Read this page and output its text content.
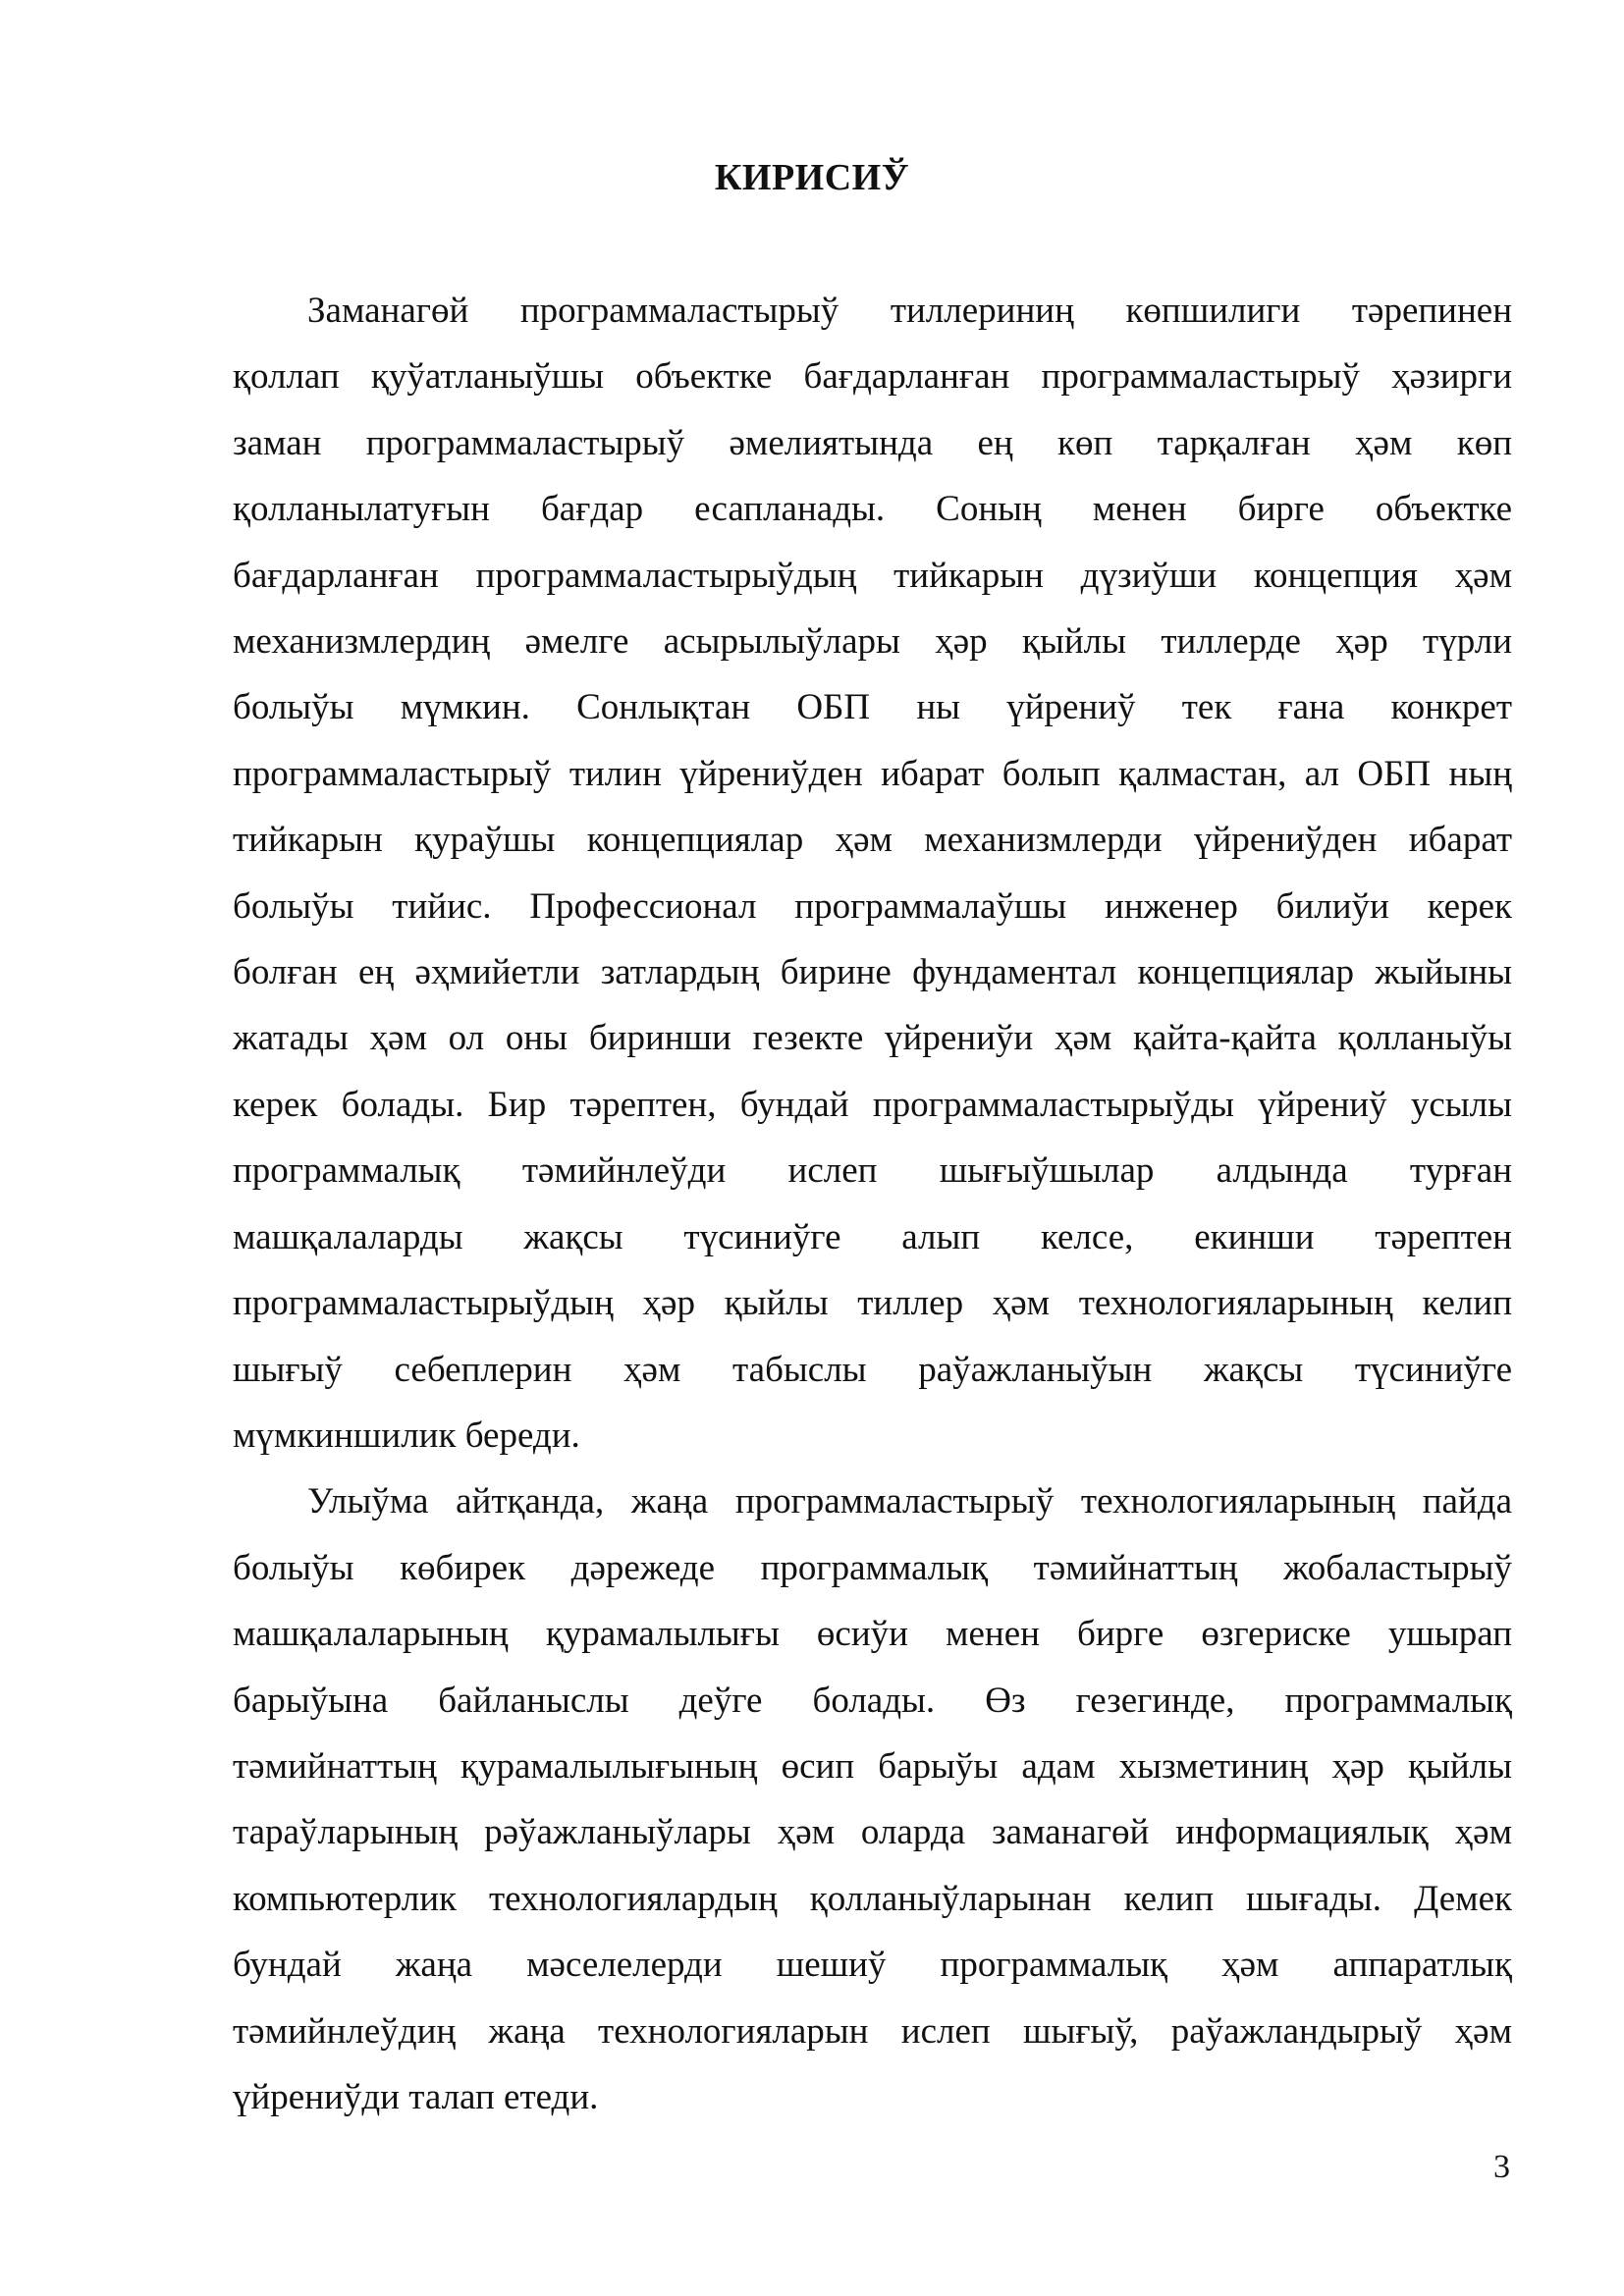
КИРИСИЎ
Заманагөй программаластырыў тиллериниң көпшилиги тәрепинен
қоллап қуўатланыўшы объектке бағдарланған программаластырыў ҳәзирги
заман программаластырыў әмелиятында ең көп тарқалған ҳәм көп
қолланылатуғын бағдар есапланады. Соның менен бирге объектке
бағдарланған программаластырыўдың тийкарын дүзиўши концепция ҳәм
механизмлердиң әмелге асырылыўлары ҳәр қыйлы тиллерде ҳәр түрли
болыўы мүмкин. Сонлықтан ОБП ны үйрениў тек ғана конкрет
программаластырыў тилин үйрениўден ибарат болып қалмастан, ал ОБП ның
тийкарын қураўшы концепциялар ҳәм механизмлерди үйрениўден ибарат
болыўы тийис. Профессионал программалаўшы инженер билиўи керек
болған ең әҳмийетли затлардың бирине фундаментал концепциялар жыйыны
жатады ҳәм ол оны биринши гезекте үйрениўи ҳәм қайта-қайта қолланыўы
керек болады. Бир тәрептен, бундай программаластырыўды үйрениў усылы
программалық тәмийнлеўди ислеп шығыўшылар алдында турған
машқалаларды жақсы түсиниўге алып келсе, екинши тәрептен
программаластырыўдың ҳәр қыйлы тиллер ҳәм технологияларының келип
шығыў себеплерин ҳәм табыслы раўажланыўын жақсы түсиниўге
мүмкиншилик береди.
Улыўма айтқанда, жаңа программаластырыў технологияларының пайда
болыўы көбирек дәрежеде программалық тәмийнаттың жобаластырыў
машқалаларының қурамалылығы өсиўи менен бирге өзгериске ушырап
барыўына байланыслы деўге болады. Өз гезегинде, программалық
тәмийнаттың қурамалылығының өсип барыўы адам хызметиниң ҳәр қыйлы
тараўларының рәўажланыўлары ҳәм оларда заманагөй информациялық ҳәм
компьютерлик технологиялардың қолланыўларынан келип шығады. Демек
бундай жаңа мәселелерди шешиў программалық ҳәм аппаратлық
тәмийнлеўдиң жаңа технологияларын ислеп шығыў, раўажландырыў ҳәм
үйрениўди талап етеди.
3
